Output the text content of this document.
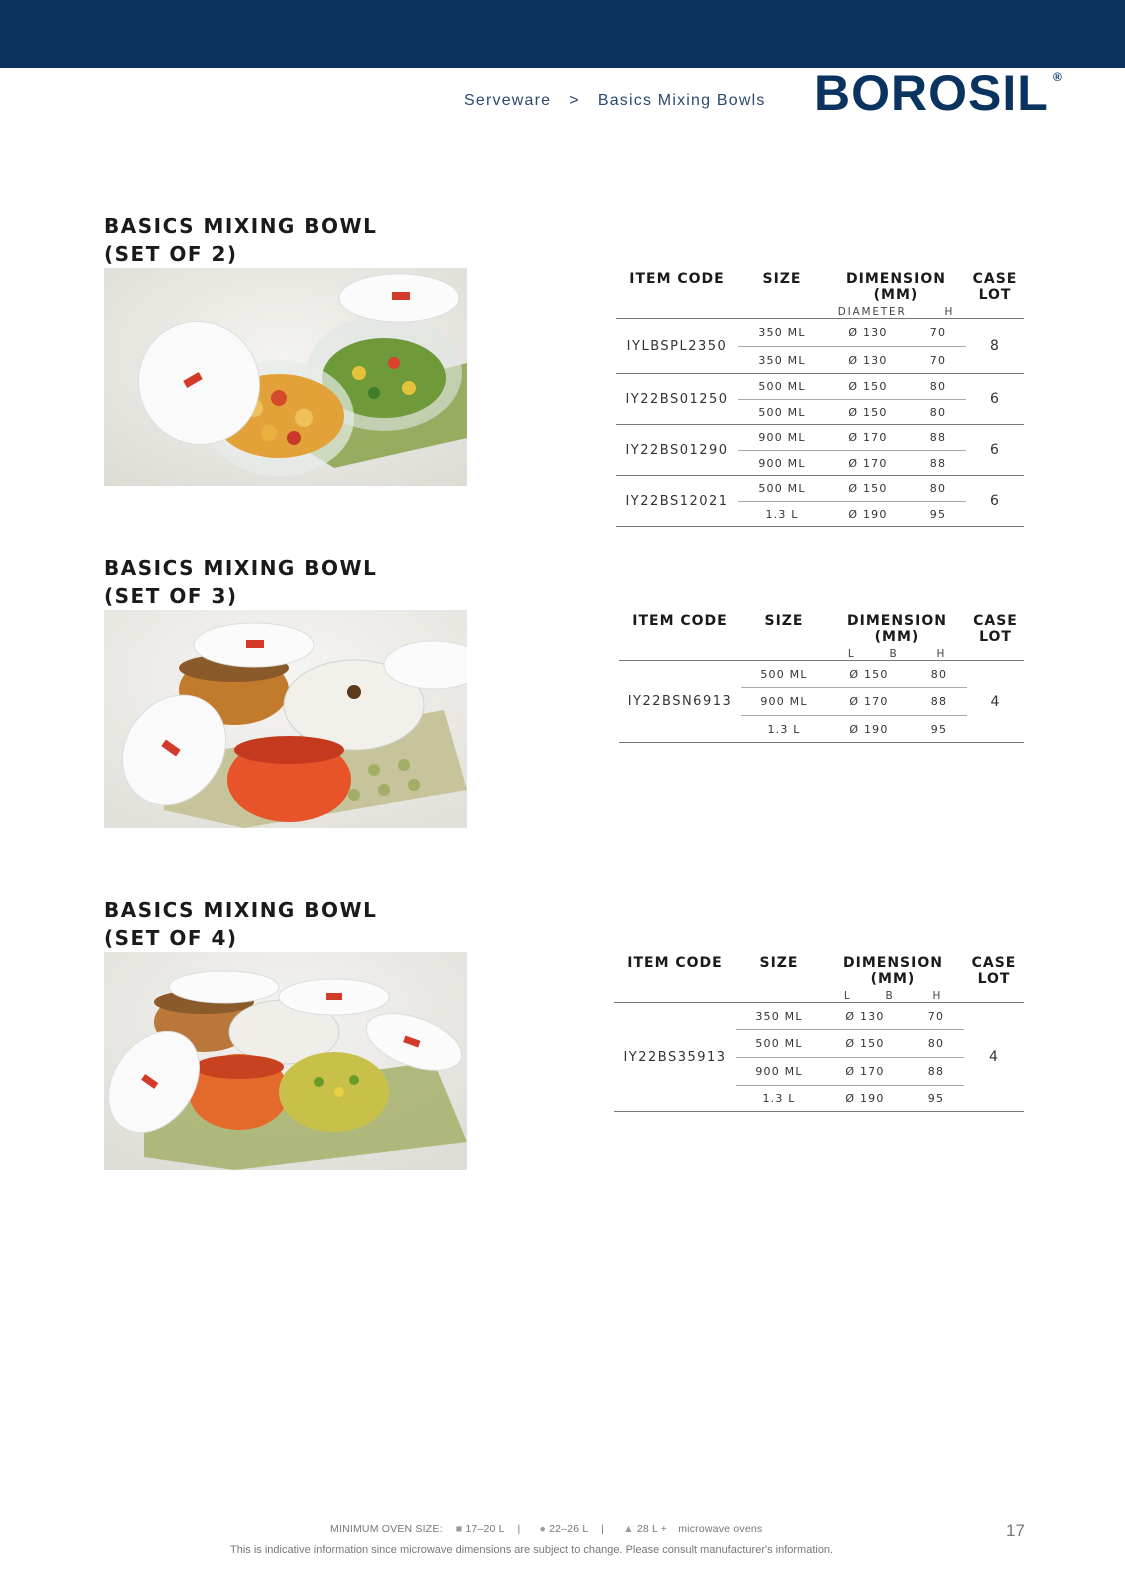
Serveware > Basics Mixing Bowls BOROSIL ®
BASICS MIXING BOWL
(SET OF 2)
ITEM CODE	SIZE	DIMENSION (MM)
DIAMETER H		CASE
LOT
IYLBSPL2350	350 ML	Ø 130	70	8
	350 ML	Ø 130	70	
IY22BS01250	500 ML	Ø 150	80	6
	500 ML	Ø 150	80	
IY22BS01290	900 ML	Ø 170	88	6
	900 ML	Ø 170	88	
IY22BS12021	500 ML	Ø 150	80	6
	1.3 L	Ø 190	95	
BASICS MIXING BOWL
(SET OF 3)
ITEM CODE	SIZE	DIMENSION (MM)
L B H		CASE
LOT
IY22BSN6913	500 ML	Ø 150	80	4
	900 ML	Ø 170	88	
	1.3 L	Ø 190	95	
BASICS MIXING BOWL
(SET OF 4)
ITEM CODE	SIZE	DIMENSION (MM)
L B H		CASE
LOT
IY22BS35913	350 ML	Ø 130	70	4
	500 ML	Ø 150	80	
	900 ML	Ø 170	88	
	1.3 L	Ø 190	95	
MINIMUM OVEN SIZE: ■ 17–20 L | ● 22–26 L | ▲ 28 L + microwave ovens
This is indicative information since microwave dimensions are subject to change. Please consult manufacturer's information.
17
